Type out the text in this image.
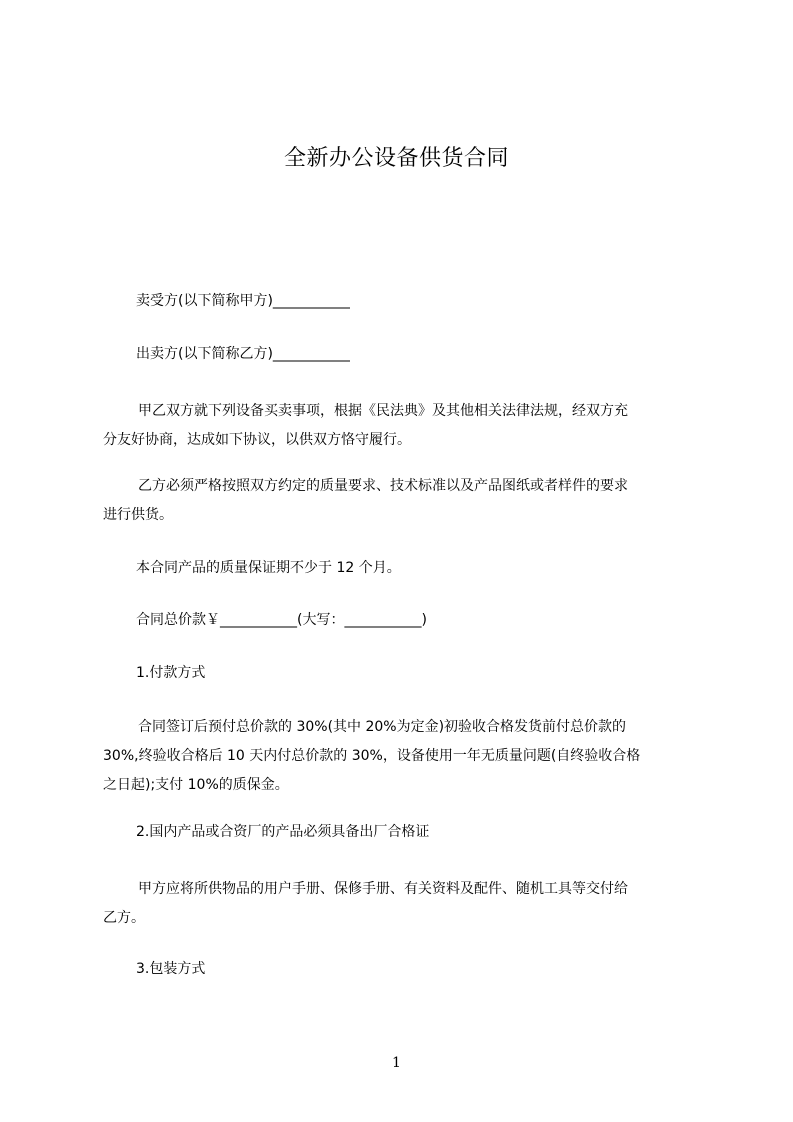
全新办公设备供货合同
卖受方(以下简称甲方)___________
出卖方(以下简称乙方)___________
甲乙双方就下列设备买卖事项，根据《民法典》及其他相关法律法规，经双方充
分友好协商，达成如下协议，以供双方恪守履行。
乙方必须严格按照双方约定的质量要求、技术标准以及产品图纸或者样件的要求
进行供货。
本合同产品的质量保证期不少于 12 个月。
合同总价款￥___________(大写：___________)
1.付款方式
合同签订后预付总价款的 30%(其中 20%为定金)初验收合格发货前付总价款的
30%,终验收合格后 10 天内付总价款的 30%，设备使用一年无质量问题(自终验收合格
之日起);支付 10%的质保金。
2.国内产品或合资厂的产品必须具备出厂合格证
甲方应将所供物品的用户手册、保修手册、有关资料及配件、随机工具等交付给
乙方。
3.包装方式
1
